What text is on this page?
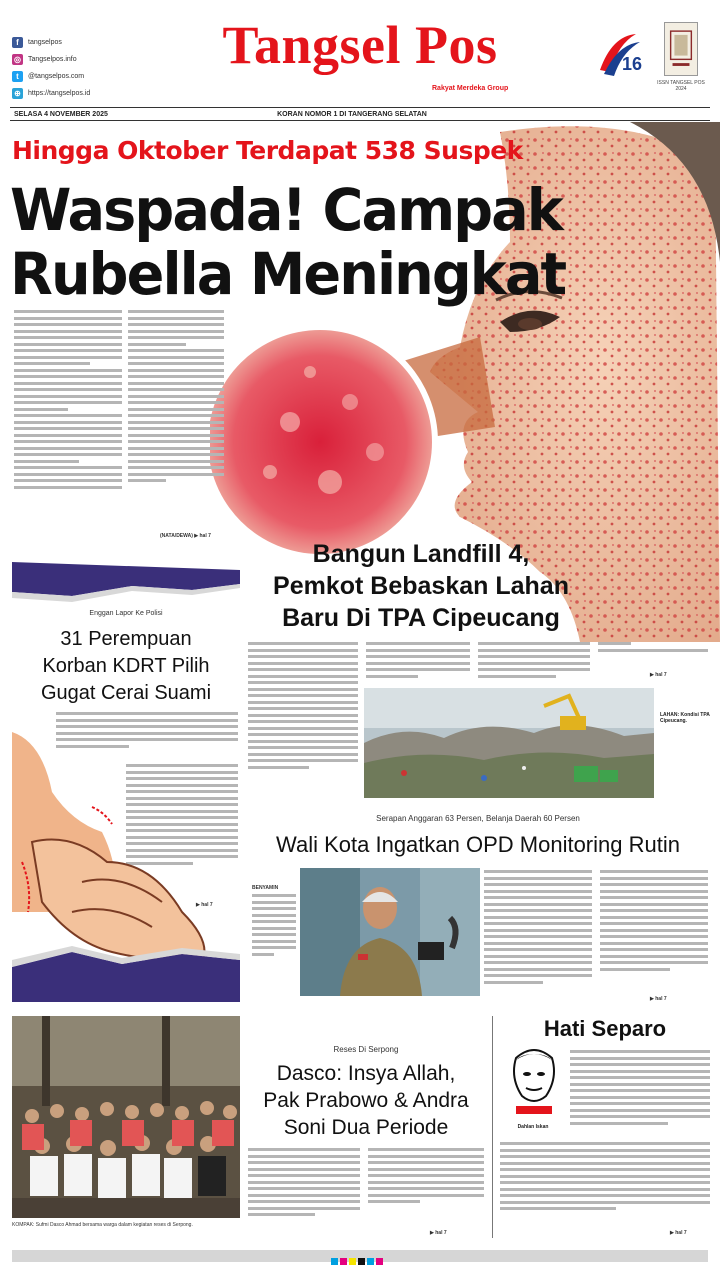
f	tangselpos
◎ Tangselpos.info
t	@tangselpos.com
⊕	https://tangselpos.id
Tangsel Pos
Rakyat Merdeka Group
16
ISSN TANGSEL POS 2024
SELASA 4 NOVEMBER 2025	KORAN NOMOR 1 DI TANGERANG SELATAN
Hingga Oktober Terdapat 538 Suspek
Waspada! Campak
Rubella Meningkat
(NATA/DEWA) ▶ hal 7
Bangun Landfill 4,
Pemkot Bebaskan Lahan
Baru Di TPA Cipeucang
▶ hal 7
LAHAN: Kondisi TPA Cipeucang.
Enggan Lapor Ke Polisi
31 Perempuan
Korban KDRT Pilih
Gugat Cerai Suami
▶ hal 7
Serapan Anggaran 63 Persen, Belanja Daerah 60 Persen
Wali Kota Ingatkan OPD Monitoring Rutin
BENYAMIN
▶ hal 7
KOMPAK: Sufmi Dasco Ahmad bersama warga dalam kegiatan reses di Serpong.
Reses Di Serpong
Dasco: Insya Allah,
Pak Prabowo & Andra
Soni Dua Periode
▶ hal 7
Hati Separo
Dahlan Iskan
▶ hal 7
